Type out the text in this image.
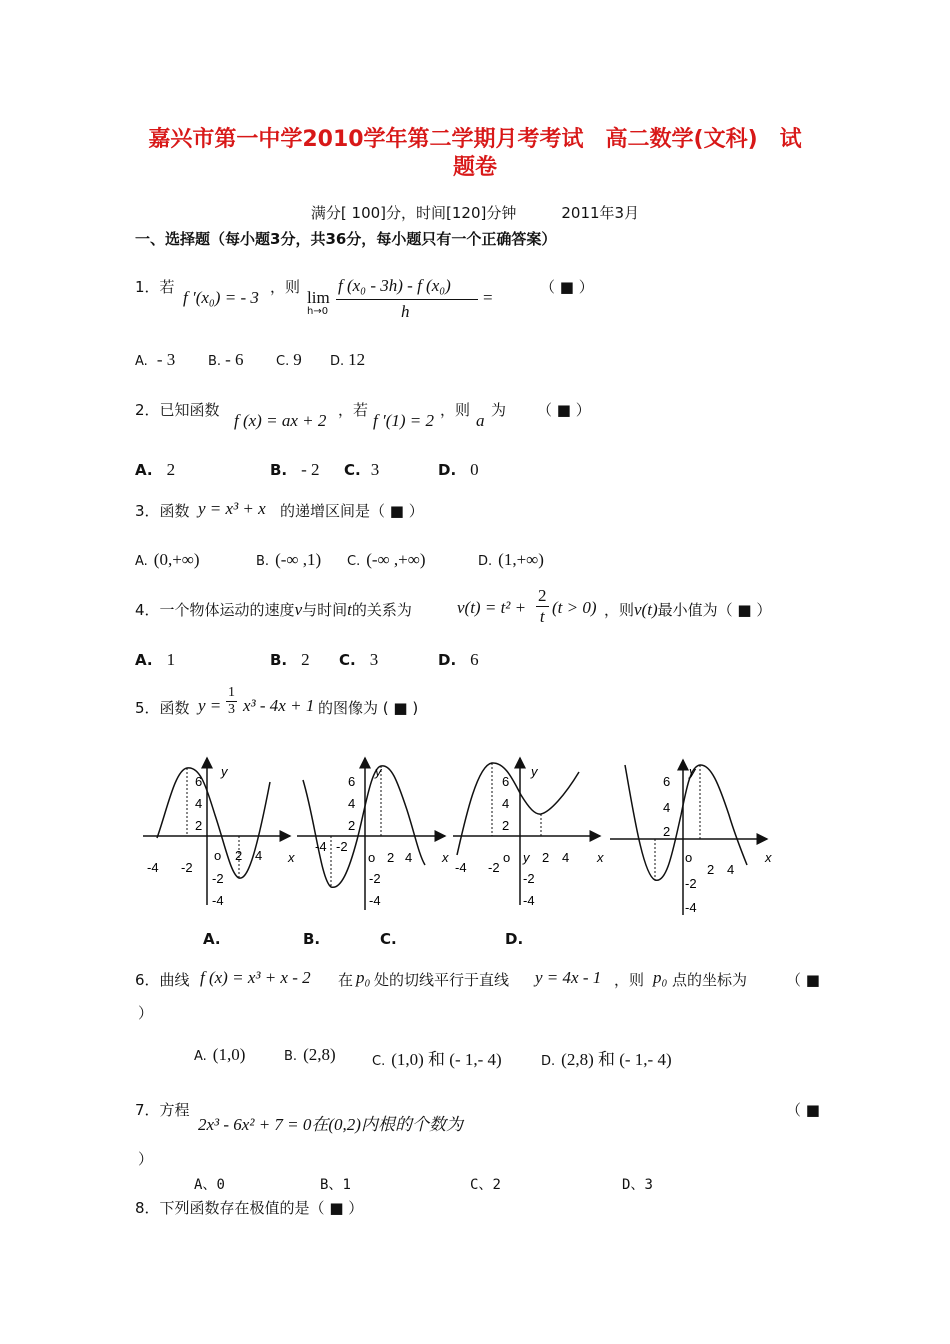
嘉兴市第一中学2010学年第二学期月考考试　高二数学(文科)　试
题卷
满分[ 100]分，时间[120]分钟　　　2011年3月
一、选择题（每小题3分，共36分，每小题只有一个正确答案）
1．若
f ′(x₀) = - 3
，则
lim
h→0
f (x₀ - 3h) - f (x₀)
h
=
（ ■ ）
A. - 3	B. - 6	C. 9 D. 12
2．已知函数
f (x) = ax + 2
，若
f ′(1) = 2
，则
a
为 （ ■ ）
A. 2	B. - 2 C. 3	D. 0
3．函数 y = x³ + x 的递增区间是（ ■ ）
A. (0,+∞)	B. (-∞ ,1) C. (-∞ ,+∞)	D. (1,+∞)
4．一个物体运动的速度v与时间t的关系为	$v(t) = t^2 + \frac{2}{t} (t > 0)$ ，则v(t)最小值为（ ■ ）
A. 1	B. 2 C. 3	D. 6
5．函数 $y = \frac{1}{3} x^3 - 4x + 1$ 的图像为 ( ■ )
6
4
2
y
-4 -2
o 2 4 x
-2
-4
6
4
2
y
-4 -2
o 2 4 x
-2
-4
6
4
2
y
-4 -2
o y 2 4 x
-2
-4
6
4
2
y
o
2 4
x
-2
-4
A.	B.	C.	D.
6．曲线 f (x) = x³ + x - 2 在 p₀ 处的切线平行于直线 y = 4x - 1 ，则 p₀ 点的坐标为	（ ■
）
A. (1,0)	B. (2,8)	C. (1,0) 和 (- 1,- 4)	D. (2,8) 和 (- 1,- 4)
7．方程
2x³ - 6x² + 7 = 0在(0,2)内根的个数为
（ ■
）
A、0	B、1	C、2	D、3
8．下列函数存在极值的是（ ■ ）
